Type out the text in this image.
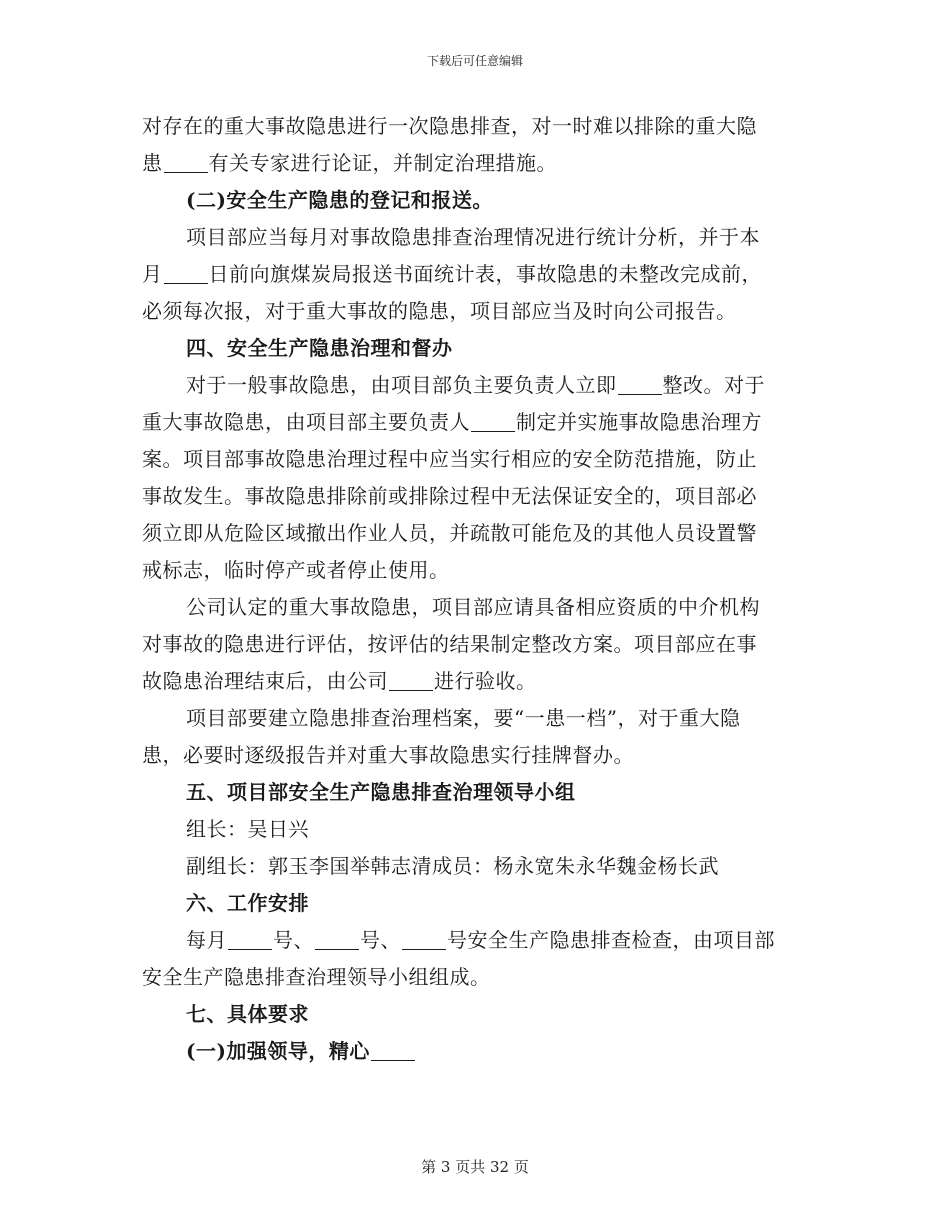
下载后可任意编辑
对存在的重大事故隐患进行一次隐患排查，对一时难以排除的重大隐
患 有关专家进行论证，并制定治理措施。
(二)安全生产隐患的登记和报送。
项目部应当每月对事故隐患排查治理情况进行统计分析，并于本
月 日前向旗煤炭局报送书面统计表，事故隐患的未整改完成前，
必须每次报，对于重大事故的隐患，项目部应当及时向公司报告。
四、安全生产隐患治理和督办
对于一般事故隐患，由项目部负主要负责人立即 整改。对于
重大事故隐患，由项目部主要负责人 制定并实施事故隐患治理方
案。项目部事故隐患治理过程中应当实行相应的安全防范措施，防止
事故发生。事故隐患排除前或排除过程中无法保证安全的，项目部必
须立即从危险区域撤出作业人员，并疏散可能危及的其他人员设置警
戒标志，临时停产或者停止使用。
公司认定的重大事故隐患，项目部应请具备相应资质的中介机构
对事故的隐患进行评估，按评估的结果制定整改方案。项目部应在事
故隐患治理结束后，由公司 进行验收。
项目部要建立隐患排查治理档案，要“一患一档”，对于重大隐
患，必要时逐级报告并对重大事故隐患实行挂牌督办。
五、项目部安全生产隐患排查治理领导小组
组长：吴日兴
副组长：郭玉李国举韩志清成员：杨永宽朱永华魏金杨长武
六、工作安排
每月 号、 号、 号安全生产隐患排查检查，由项目部
安全生产隐患排查治理领导小组组成。
七、具体要求
(一)加强领导，精心
第 3 页共 32 页
